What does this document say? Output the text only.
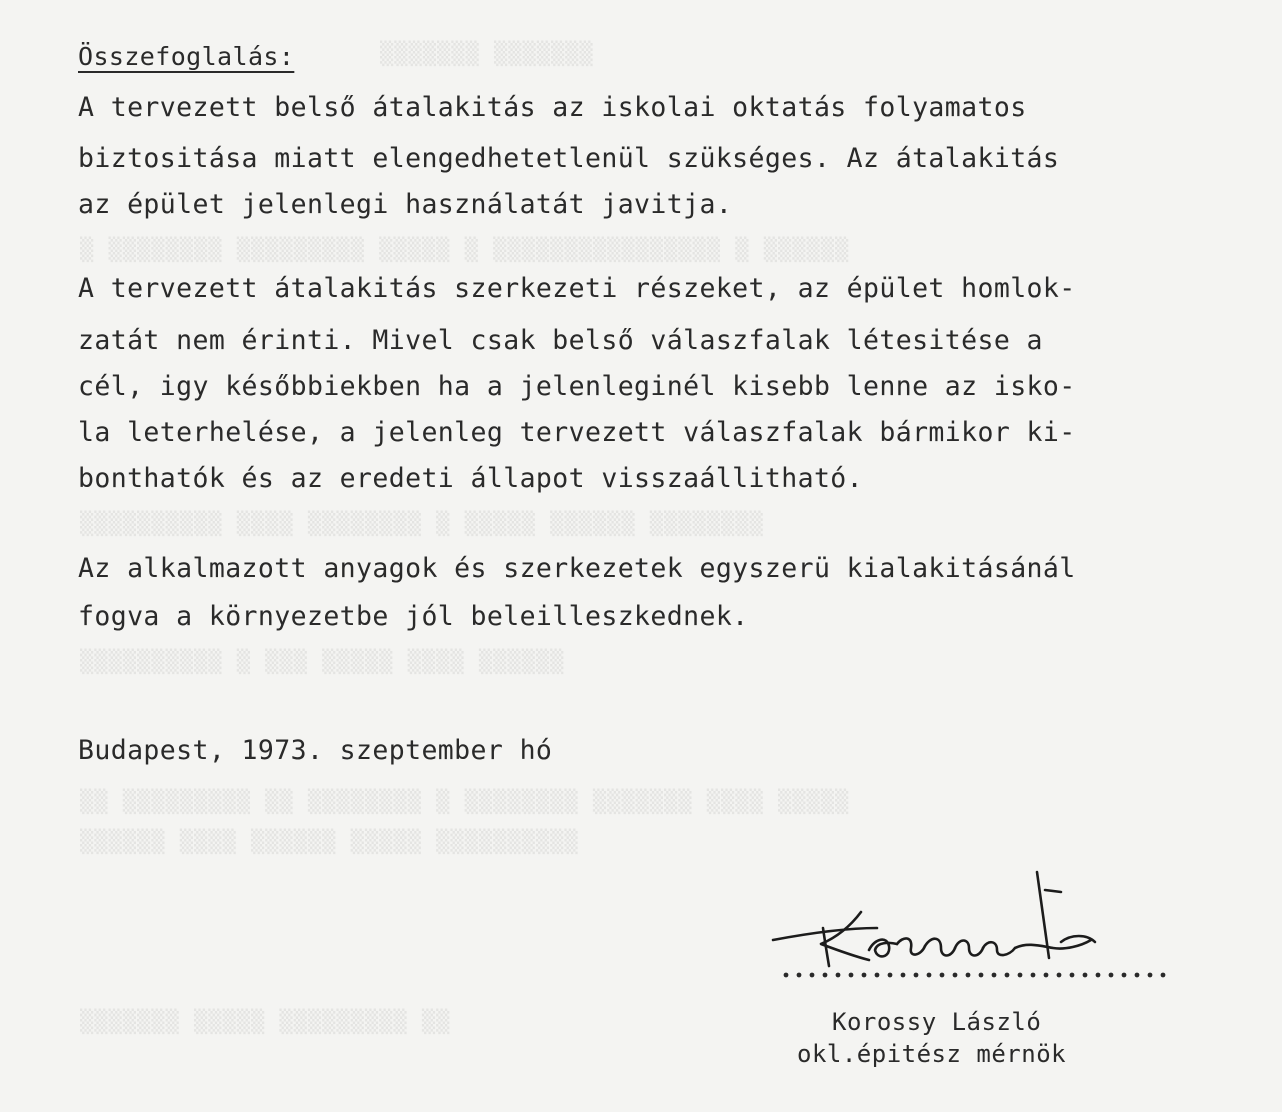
▒▒▒▒▒▒▒ ▒▒▒▒▒▒▒
▒ ▒▒▒▒▒▒▒▒ ▒▒▒▒▒▒▒▒▒ ▒▒▒▒▒ ▒ ▒▒▒▒▒▒▒▒▒▒▒▒▒▒▒▒ ▒ ▒▒▒▒▒▒
▒▒▒▒▒▒▒▒▒▒ ▒▒▒▒ ▒▒▒▒▒▒▒▒ ▒ ▒▒▒▒▒ ▒▒▒▒▒▒ ▒▒▒▒▒▒▒▒
▒▒▒▒▒▒▒▒▒▒ ▒ ▒▒▒ ▒▒▒▒▒ ▒▒▒▒ ▒▒▒▒▒▒
▒▒ ▒▒▒▒▒▒▒▒▒ ▒▒ ▒▒▒▒▒▒▒▒ ▒ ▒▒▒▒▒▒▒▒ ▒▒▒▒▒▒▒ ▒▒▒▒ ▒▒▒▒▒
▒▒▒▒▒▒ ▒▒▒▒ ▒▒▒▒▒▒ ▒▒▒▒▒ ▒▒▒▒▒▒▒▒▒▒
▒▒▒▒▒▒▒ ▒▒▒▒▒ ▒▒▒▒▒▒▒▒▒ ▒▒
Összefoglalás:
A tervezett belső átalakitás az iskolai oktatás folyamatos
biztositása miatt elengedhetetlenül szükséges. Az átalakitás
az épület jelenlegi használatát javitja.
A tervezett átalakitás szerkezeti részeket, az épület homlok-
zatát nem érinti. Mivel csak belső válaszfalak létesitése a
cél, igy későbbiekben ha a jelenleginél kisebb lenne az isko-
la leterhelése, a jelenleg tervezett válaszfalak bármikor ki-
bonthatók és az eredeti állapot visszaállitható.
Az alkalmazott anyagok és szerkezetek egyszerü kialakitásánál
fogva a környezetbe jól beleilleszkednek.
Budapest, 1973. szeptember hó
Korossy László
okl.épitész mérnök
